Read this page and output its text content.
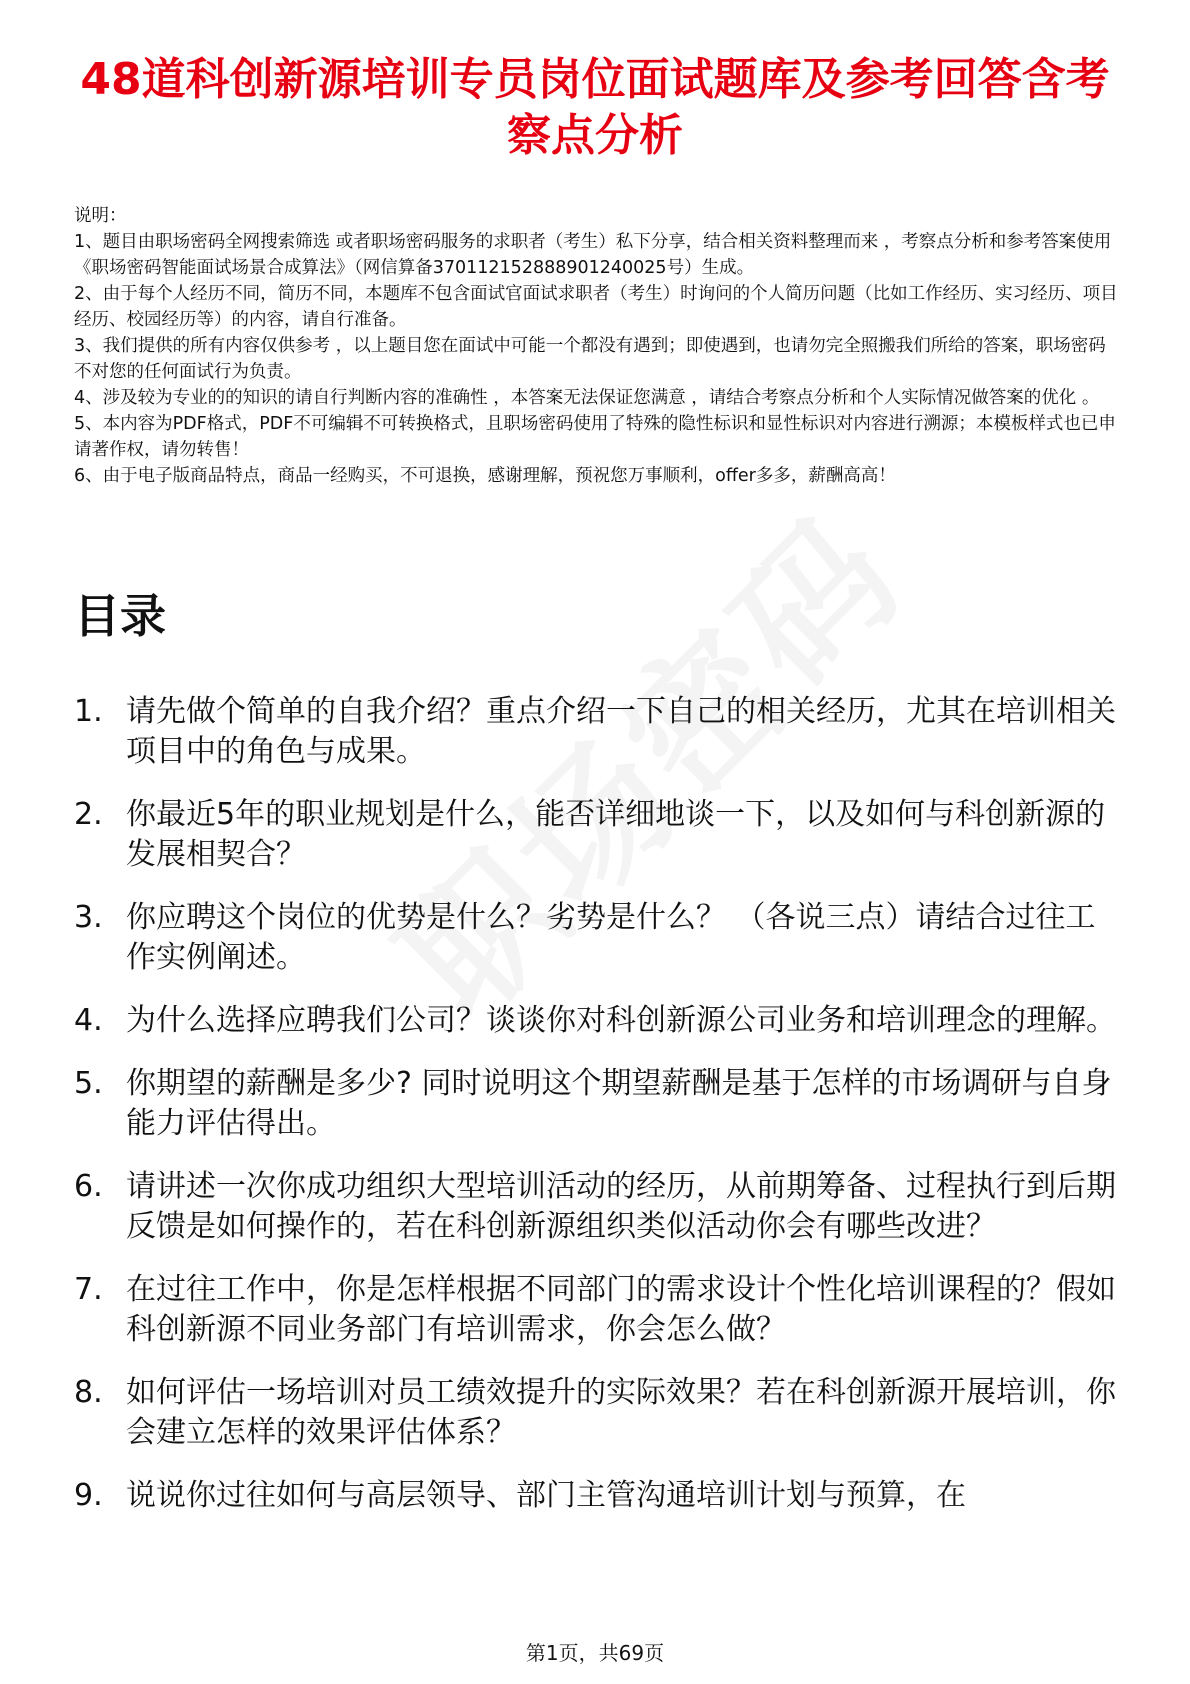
48道科创新源培训专员岗位面试题库及参考回答含考察点分析

说明：

1、题目由职场密码全网搜索筛选 或者职场密码服务的求职者（考生）私下分享，结合相关资料整理而来 ，考察点分析和参考答案使用《职场密码智能面试场景合成算法》（网信算备370112152888901240025号）生成。

2、由于每个人经历不同，简历不同，本题库不包含面试官面试求职者（考生）时询问的个人简历问题（比如工作经历、实习经历、项目经历、校园经历等）的内容，请自行准备。

3、我们提供的所有内容仅供参考 ，以上题目您在面试中可能一个都没有遇到；即使遇到，也请勿完全照搬我们所给的答案，职场密码不对您的任何面试行为负责。

4、涉及较为专业的的知识的请自行判断内容的准确性 ，本答案无法保证您满意 ，请结合考察点分析和个人实际情况做答案的优化 。

5、本内容为PDF格式，PDF不可编辑不可转换格式，且职场密码使用了特殊的隐性标识和显性标识对内容进行溯源；本模板样式也已申请著作权，请勿转售！

6、由于电子版商品特点，商品一经购买，不可退换，感谢理解，预祝您万事顺利，offer多多，薪酬高高！

目录
1. 请先做个简单的自我介绍？重点介绍一下自己的相关经历，尤其在培训相关项目中的角色与成果。
2. 你最近5年的职业规划是什么，能否详细地谈一下，以及如何与科创新源的发展相契合？
3. 你应聘这个岗位的优势是什么？劣势是什么？ （各说三点）请结合过往工作实例阐述。
4. 为什么选择应聘我们公司？谈谈你对科创新源公司业务和培训理念的理解。
5. 你期望的薪酬是多少? 同时说明这个期望薪酬是基于怎样的市场调研与自身能力评估得出。
6. 请讲述一次你成功组织大型培训活动的经历，从前期筹备、过程执行到后期反馈是如何操作的，若在科创新源组织类似活动你会有哪些改进？
7. 在过往工作中，你是怎样根据不同部门的需求设计个性化培训课程的？假如科创新源不同业务部门有培训需求，你会怎么做？
8. 如何评估一场培训对员工绩效提升的实际效果？若在科创新源开展培训，你会建立怎样的效果评估体系？
9. 说说你过往如何与高层领导、部门主管沟通培训计划与预算，在
第1页，共69页
